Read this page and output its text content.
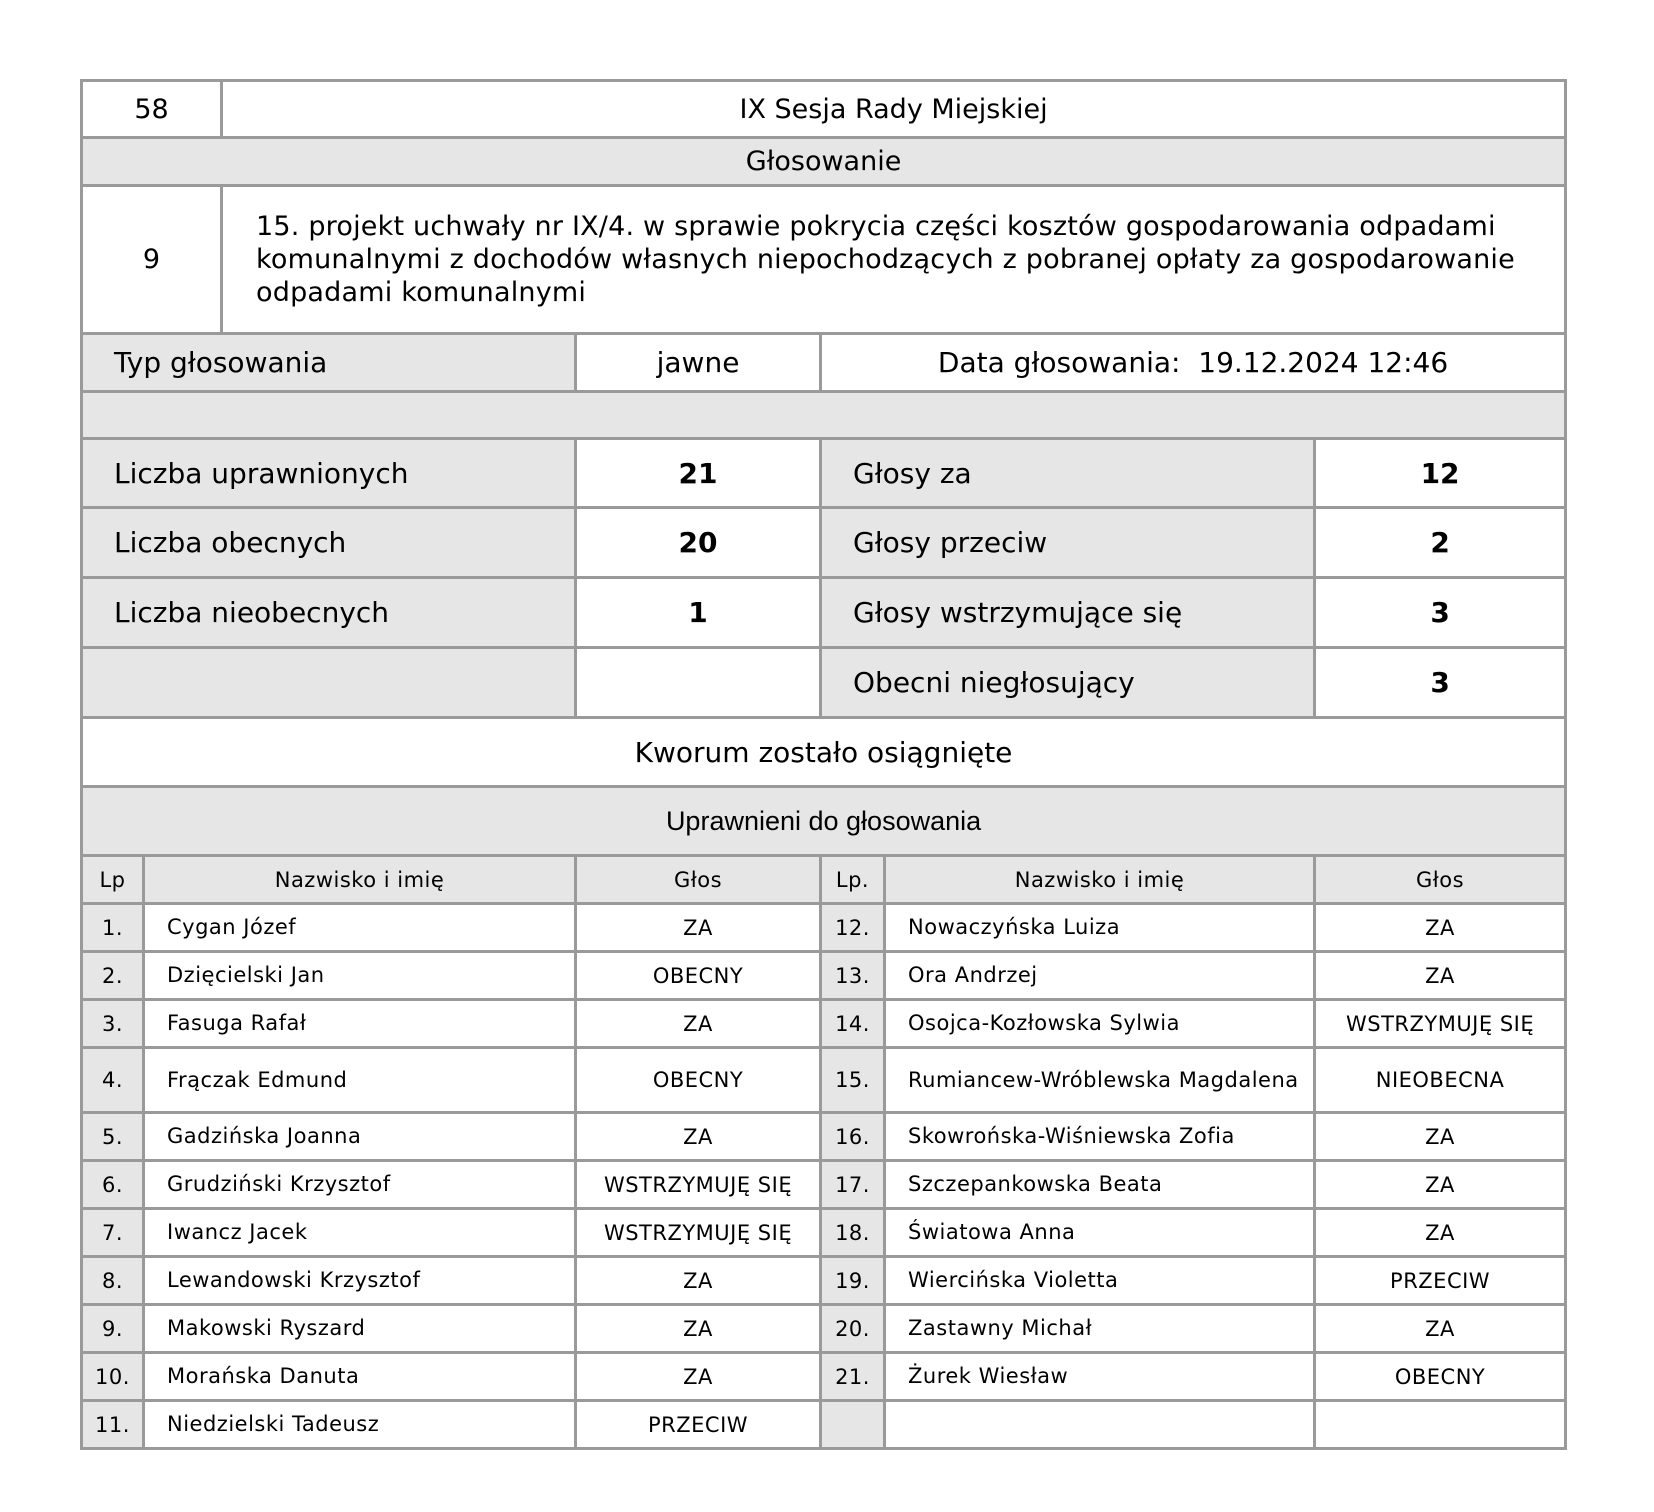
58		IX Sesja Rady Miejskiej				
Głosowanie						
9		15. projekt uchwały nr IX/4. w sprawie pokrycia części kosztów gospodarowania odpadami komunalnymi z dochodów własnych niepochodzących z pobranej opłaty za gospodarowanie odpadami komunalnymi				
Typ głosowania			jawne	Data głosowania: 19.12.2024 12:46		

Liczba uprawnionych			21	Głosy za		12
Liczba obecnych			20	Głosy przeciw		2
Liczba nieobecnych			1	Głosy wstrzymujące się		3
				Obecni niegłosujący		3
Kworum zostało osiągnięte						
Uprawnieni do głosowania						
Lp	Nazwisko i imię		Głos	Lp.	Nazwisko i imię	Głos
1.	Cygan Józef		ZA	12.	Nowaczyńska Luiza	ZA
2.	Dzięcielski Jan		OBECNY	13.	Ora Andrzej	ZA
3.	Fasuga Rafał		ZA	14.	Osojca-Kozłowska Sylwia	WSTRZYMUJĘ SIĘ
4.	Frączak Edmund		OBECNY	15.	Rumiancew-Wróblewska Magdalena	NIEOBECNA
5.	Gadzińska Joanna		ZA	16.	Skowrońska-Wiśniewska Zofia	ZA
6.	Grudziński Krzysztof		WSTRZYMUJĘ SIĘ	17.	Szczepankowska Beata	ZA
7.	Iwancz Jacek		WSTRZYMUJĘ SIĘ	18.	Światowa Anna	ZA
8.	Lewandowski Krzysztof		ZA	19.	Wiercińska Violetta	PRZECIW
9.	Makowski Ryszard		ZA	20.	Zastawny Michał	ZA
10.	Morańska Danuta		ZA	21.	Żurek Wiesław	OBECNY
11.	Niedzielski Tadeusz		PRZECIW			
